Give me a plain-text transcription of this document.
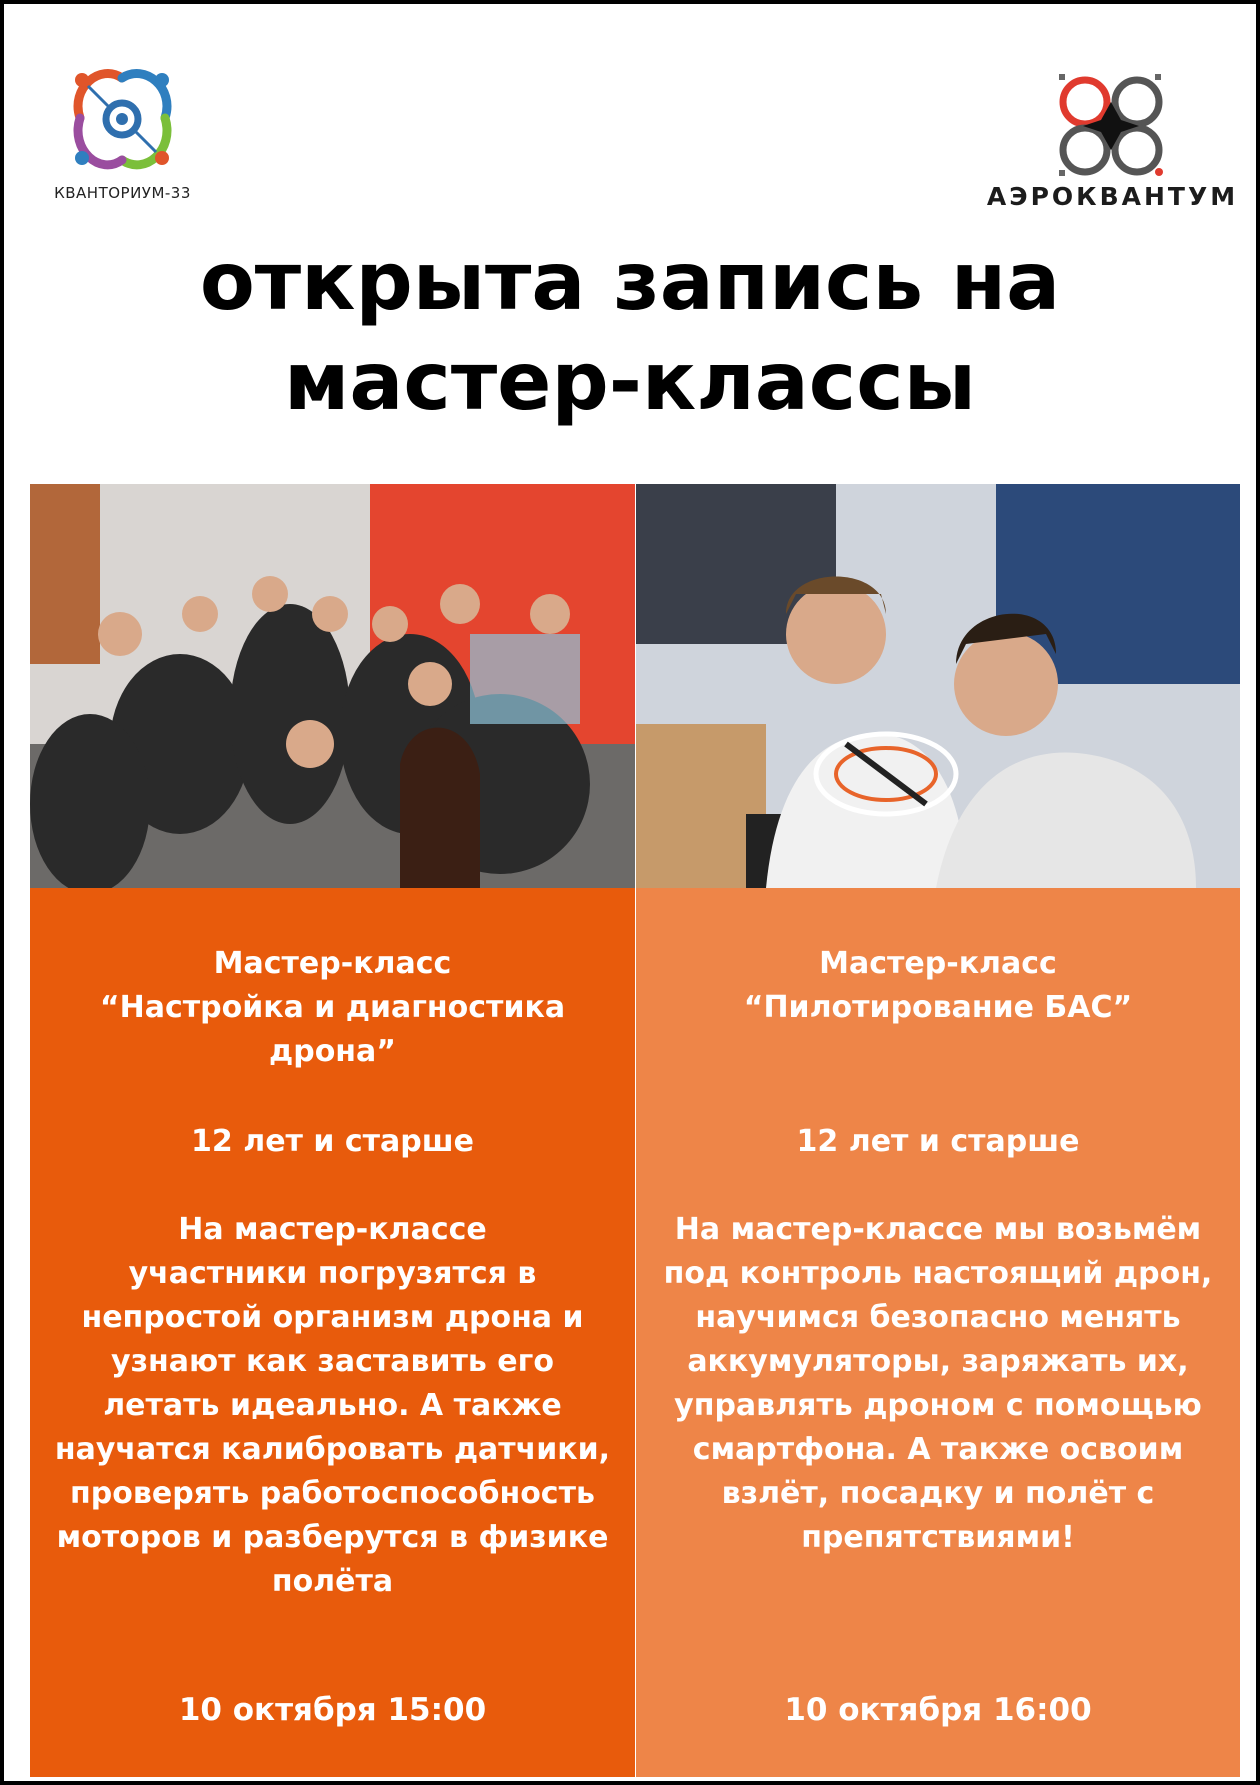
КВАНТОРИУМ-33	АЭРОКВАНТУМ
открыта запись на
мастер-классы
Мастер-класс
“Настройка и диагностика
дрона”
12 лет и старше
На мастер-классе
участники погрузятся в
непростой организм дрона и
узнают как заставить его
летать идеально. А также
научатся калибровать датчики,
проверять работоспособность
моторов и разберутся в физике
полёта
10 октября 15:00
Мастер-класс
“Пилотирование БАС”
12 лет и старше
На мастер-классе мы возьмём
под контроль настоящий дрон,
научимся безопасно менять
аккумуляторы, заряжать их,
управлять дроном с помощью
смартфона. А также освоим
взлёт, посадку и полёт с
препятствиями!
10 октября 16:00
